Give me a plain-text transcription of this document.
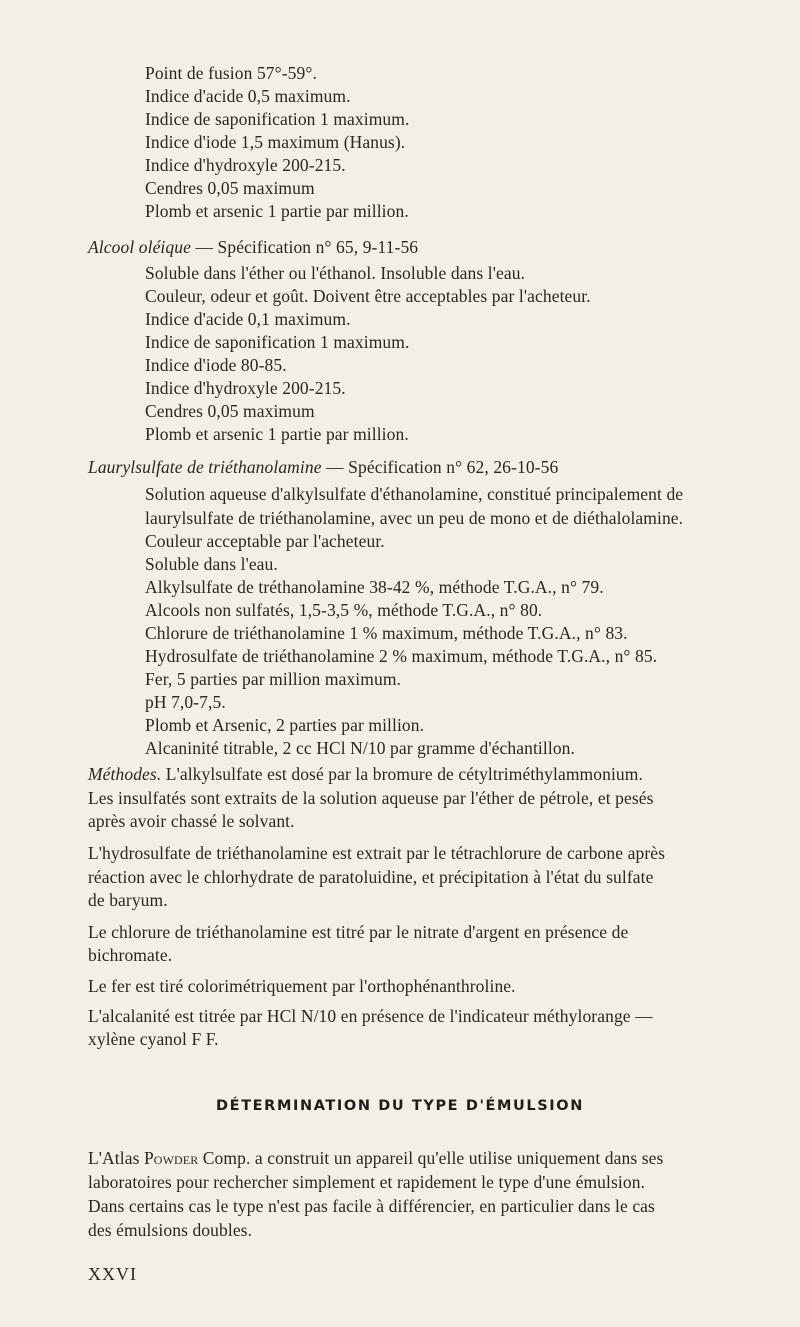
Point de fusion 57°-59°.
Indice d'acide 0,5 maximum.
Indice de saponification 1 maximum.
Indice d'iode 1,5 maximum (Hanus).
Indice d'hydroxyle 200-215.
Cendres 0,05 maximum
Plomb et arsenic 1 partie par million.
Alcool oléique — Spécification n° 65, 9-11-56
Soluble dans l'éther ou l'éthanol. Insoluble dans l'eau.
Couleur, odeur et goût. Doivent être acceptables par l'acheteur.
Indice d'acide 0,1 maximum.
Indice de saponification 1 maximum.
Indice d'iode 80-85.
Indice d'hydroxyle 200-215.
Cendres 0,05 maximum
Plomb et arsenic 1 partie par million.
Laurylsulfate de triéthanolamine — Spécification n° 62, 26-10-56
Solution aqueuse d'alkylsulfate d'éthanolamine, constitué principalement de
laurylsulfate de triéthanolamine, avec un peu de mono et de diéthalolamine.
Couleur acceptable par l'acheteur.
Soluble dans l'eau.
Alkylsulfate de tréthanolamine 38-42 %, méthode T.G.A., n° 79.
Alcools non sulfatés, 1,5-3,5 %, méthode T.G.A., n° 80.
Chlorure de triéthanolamine 1 % maximum, méthode T.G.A., n° 83.
Hydrosulfate de triéthanolamine 2 % maximum, méthode T.G.A., n° 85.
Fer, 5 parties par million maximum.
pH 7,0-7,5.
Plomb et Arsenic, 2 parties par million.
Alcaninité titrable, 2 cc HCl N/10 par gramme d'échantillon.
Méthodes. L'alkylsulfate est dosé par la bromure de cétyltriméthylammonium.
Les insulfatés sont extraits de la solution aqueuse par l'éther de pétrole, et pesés
après avoir chassé le solvant.
L'hydrosulfate de triéthanolamine est extrait par le tétrachlorure de carbone après
réaction avec le chlorhydrate de paratoluidine, et précipitation à l'état du sulfate
de baryum.
Le chlorure de triéthanolamine est titré par le nitrate d'argent en présence de
bichromate.
Le fer est tiré colorimétriquement par l'orthophénanthroline.
L'alcalanité est titrée par HCl N/10 en présence de l'indicateur méthylorange —
xylène cyanol F F.
DÉTERMINATION DU TYPE D'ÉMULSION
L'Atlas Powder Comp. a construit un appareil qu'elle utilise uniquement dans ses
laboratoires pour rechercher simplement et rapidement le type d'une émulsion.
Dans certains cas le type n'est pas facile à différencier, en particulier dans le cas
des émulsions doubles.
XXVI
